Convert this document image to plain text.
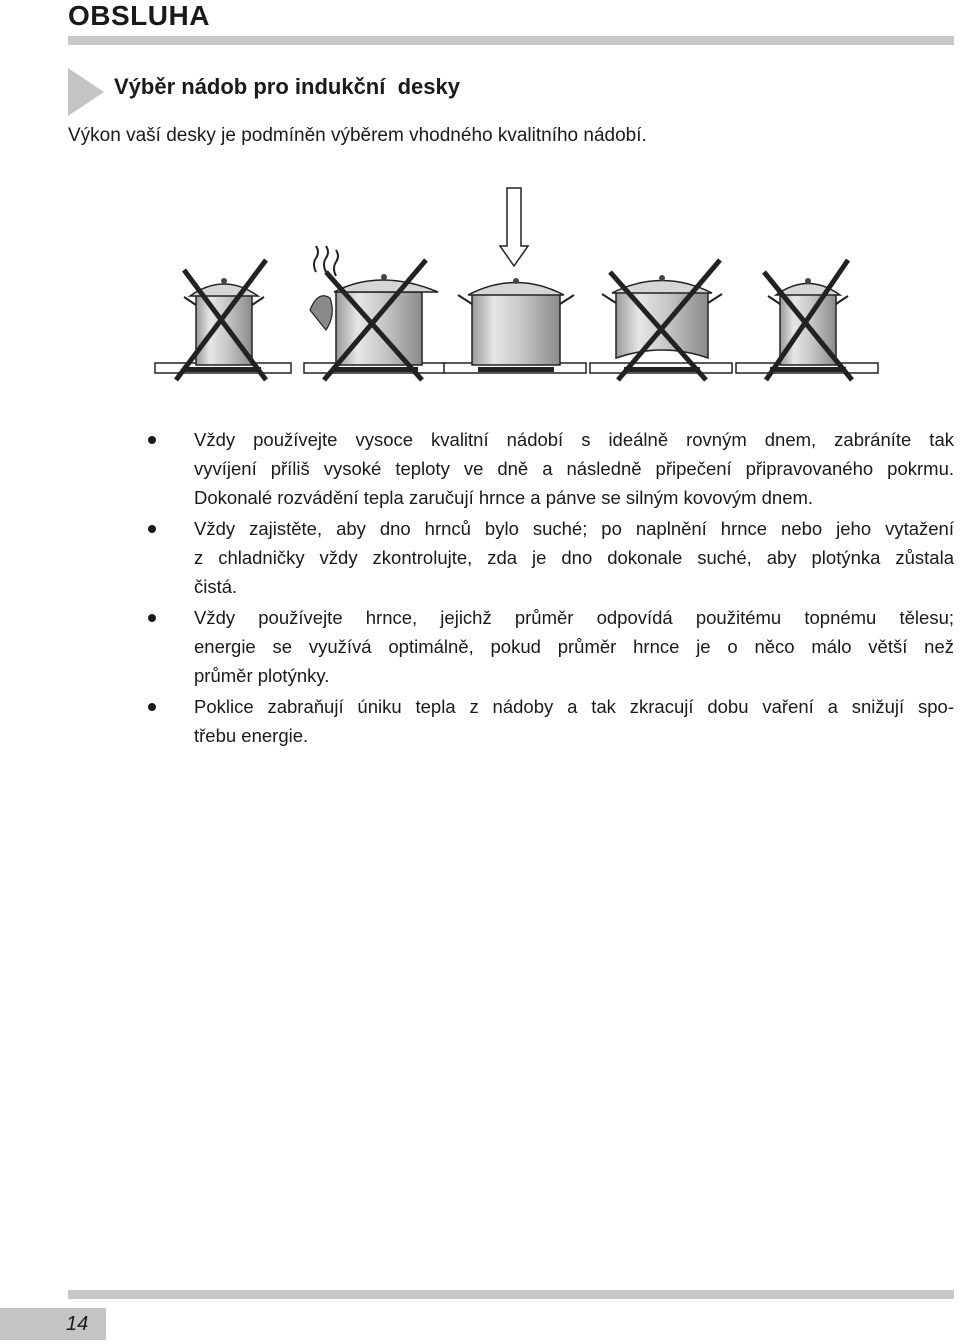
OBSLUHA
Výběr nádob pro indukční  desky
Výkon vaší desky je podmíněn výběrem vhodného kvalitního nádobí.
Vždy používejte vysoce kvalitní nádobí s ideálně rovným dnem, zabráníte tak
vyvíjení příliš vysoké teploty ve dně a následně připečení připravovaného pokrmu.
Dokonalé rozvádění tepla zaručují hrnce a pánve se silným kovovým dnem.
Vždy zajistěte, aby dno hrnců bylo suché; po naplnění hrnce nebo jeho vytažení
z chladničky vždy zkontrolujte, zda je dno dokonale suché, aby plotýnka zůstala
čistá.
Vždy používejte hrnce, jejichž průměr odpovídá použitému topnému tělesu;
energie se využívá optimálně, pokud průměr hrnce je o něco málo větší než
průměr plotýnky.
Poklice zabraňují úniku tepla z nádoby a tak zkracují dobu vaření a snižují spo-
třebu energie.
14
